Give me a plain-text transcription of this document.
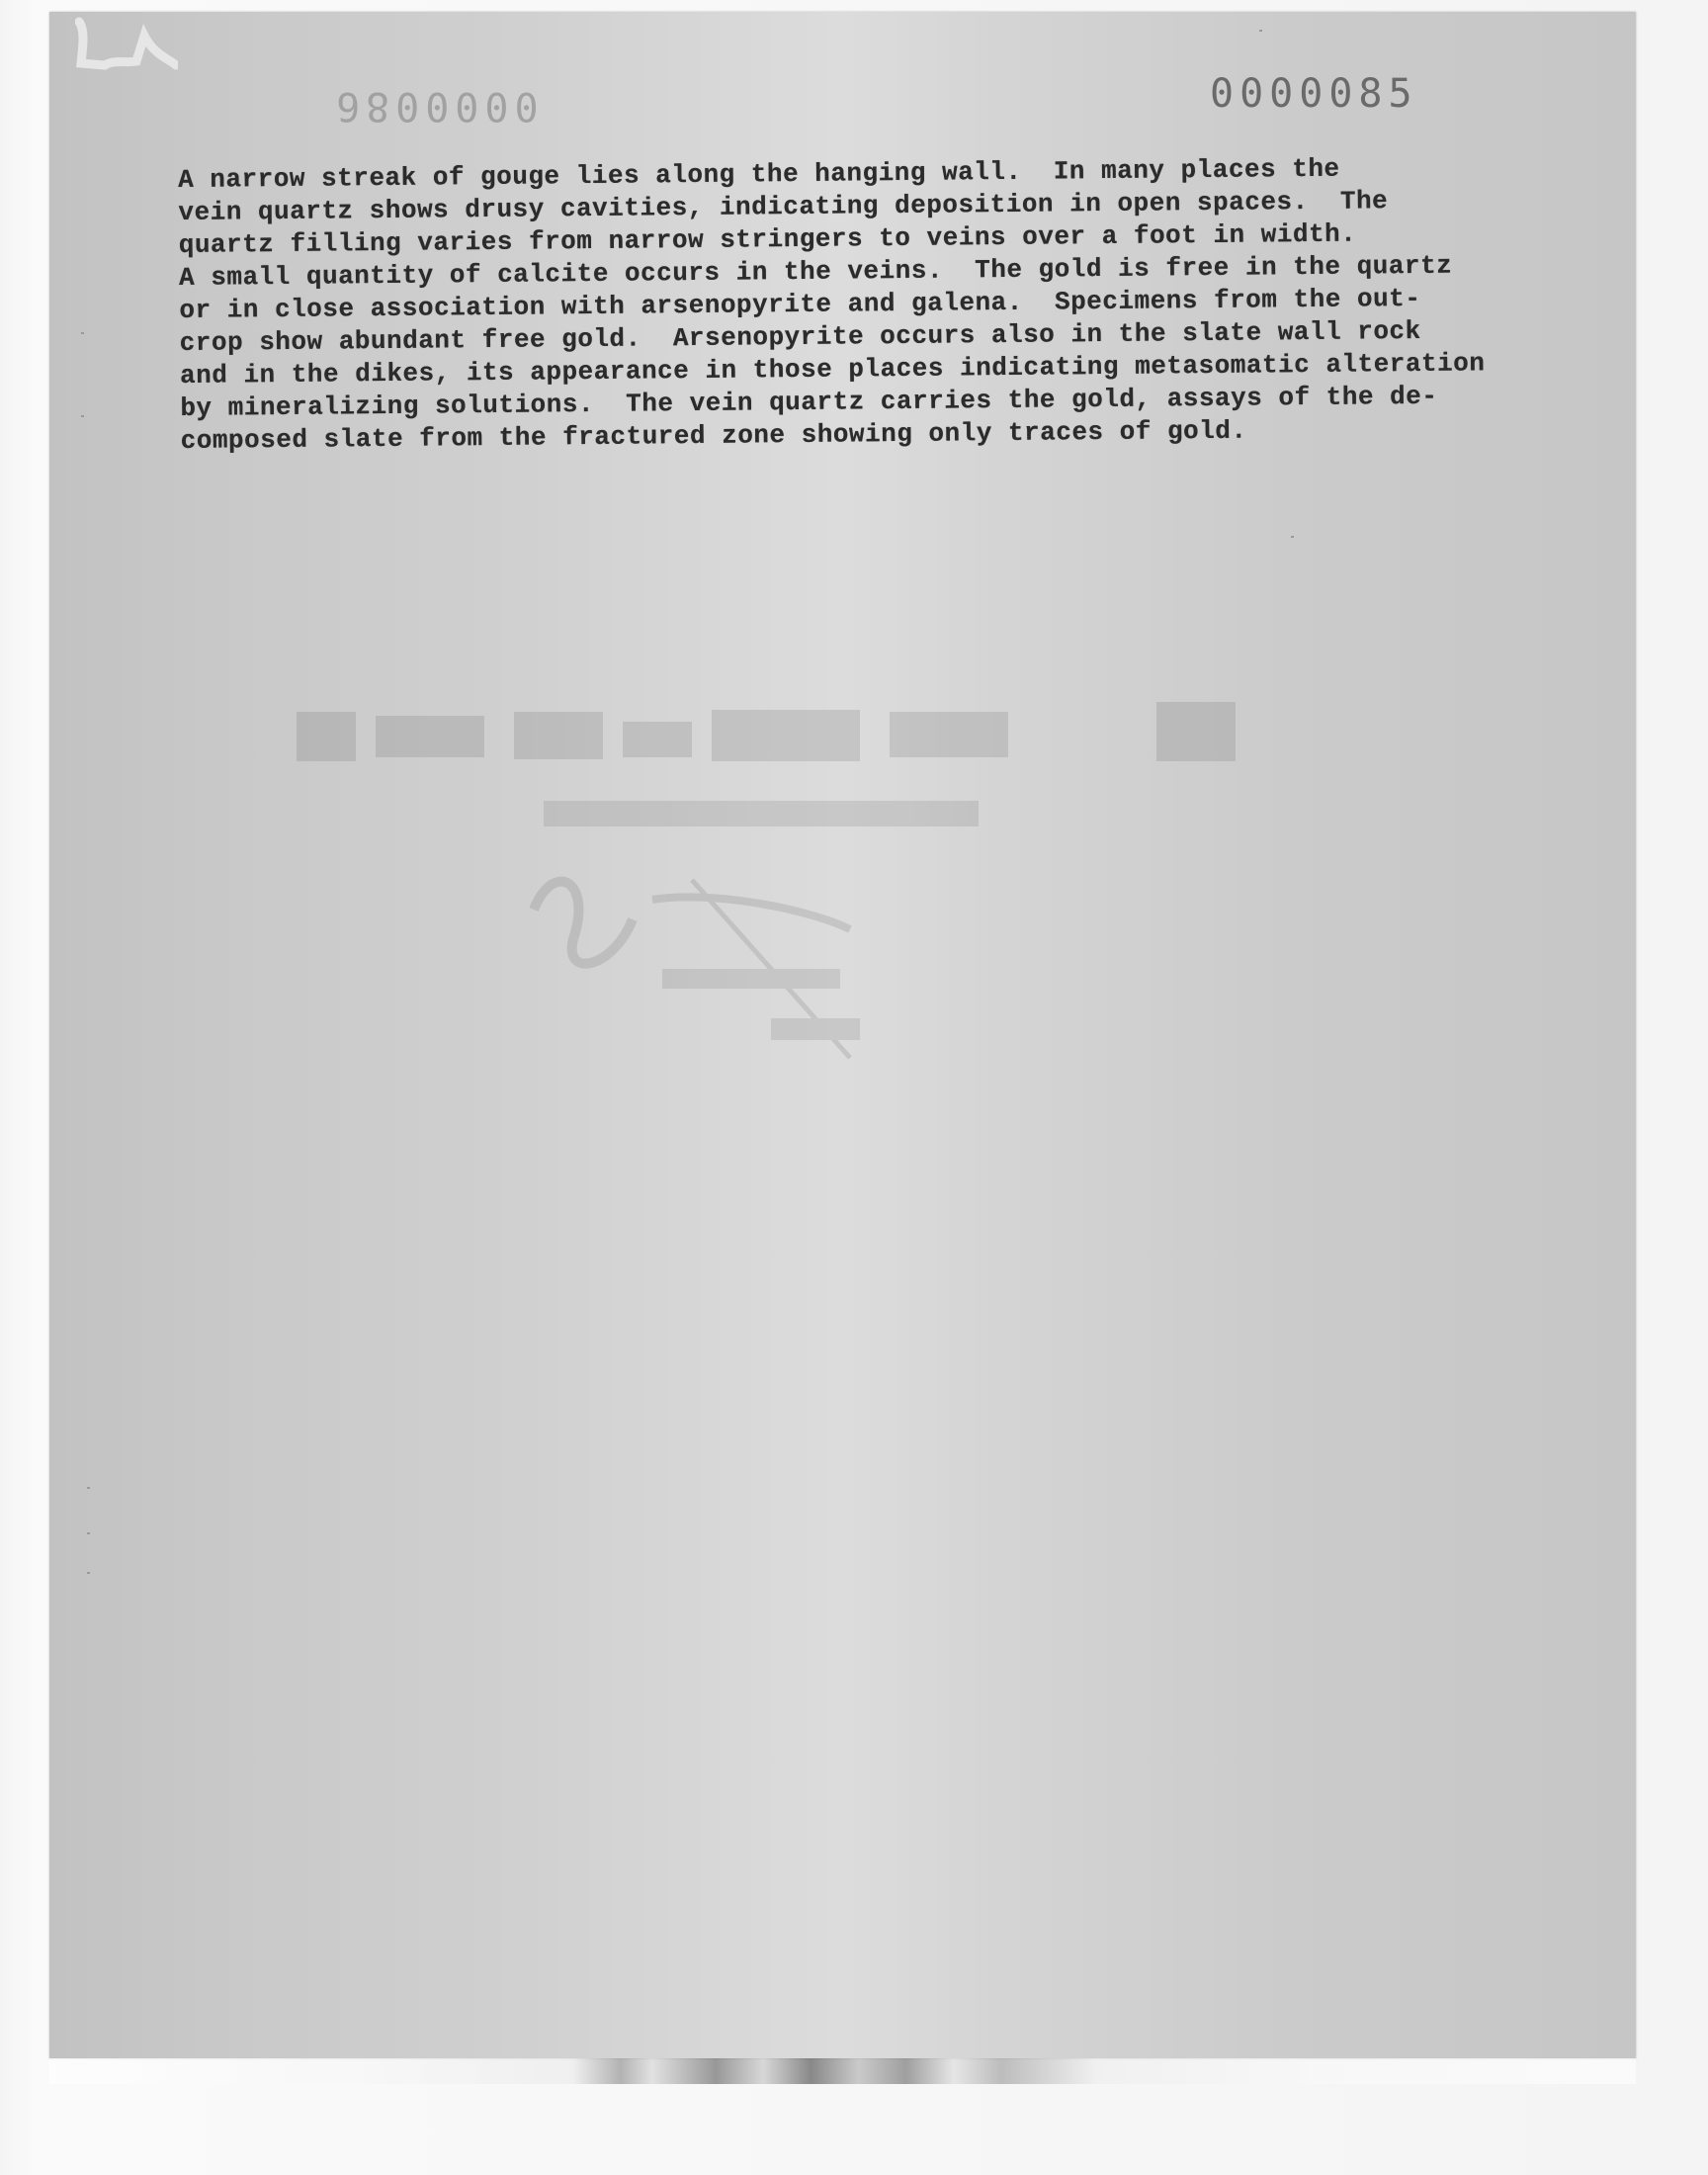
0000086	0000085
A narrow streak of gouge lies along the hanging wall.  In many places the
vein quartz shows drusy cavities, indicating deposition in open spaces.  The
quartz filling varies from narrow stringers to veins over a foot in width.
A small quantity of calcite occurs in the veins.  The gold is free in the quartz
or in close association with arsenopyrite and galena.  Specimens from the out-
crop show abundant free gold.  Arsenopyrite occurs also in the slate wall rock
and in the dikes, its appearance in those places indicating metasomatic alteration
by mineralizing solutions.  The vein quartz carries the gold, assays of the de-
composed slate from the fractured zone showing only traces of gold.
